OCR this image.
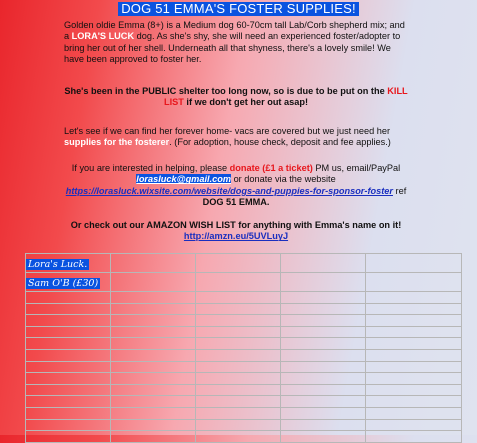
DOG 51 EMMA'S FOSTER SUPPLIES!
Golden oldie Emma (8+) is a Medium dog 60-70cm tall Lab/Corb shepherd mix; and a LORA'S LUCK dog. As she's shy, she will need an experienced foster/adopter to bring her out of her shell. Underneath all that shyness, there's a lovely smile! We have been approved to foster her.
She's been in the PUBLIC shelter too long now, so is due to be put on the KILL LIST if we don't get her out asap!
Let's see if we can find her forever home- vacs are covered but we just need her supplies for the fosterer. (For adoption, house check, deposit and fee applies.)
If you are interested in helping, please donate (£1 a ticket) PM us, email/PayPal lorasluck@gmail.com or donate via the website https://lorasluck.wixsite.com/website/dogs-and-puppies-for-sponsor-foster ref DOG 51 EMMA.
Or check out our AMAZON WISH LIST for anything with Emma's name on it! http://amzn.eu/5UVLuyJ
Lora's Luck.				
Sam O'B (£30)				
